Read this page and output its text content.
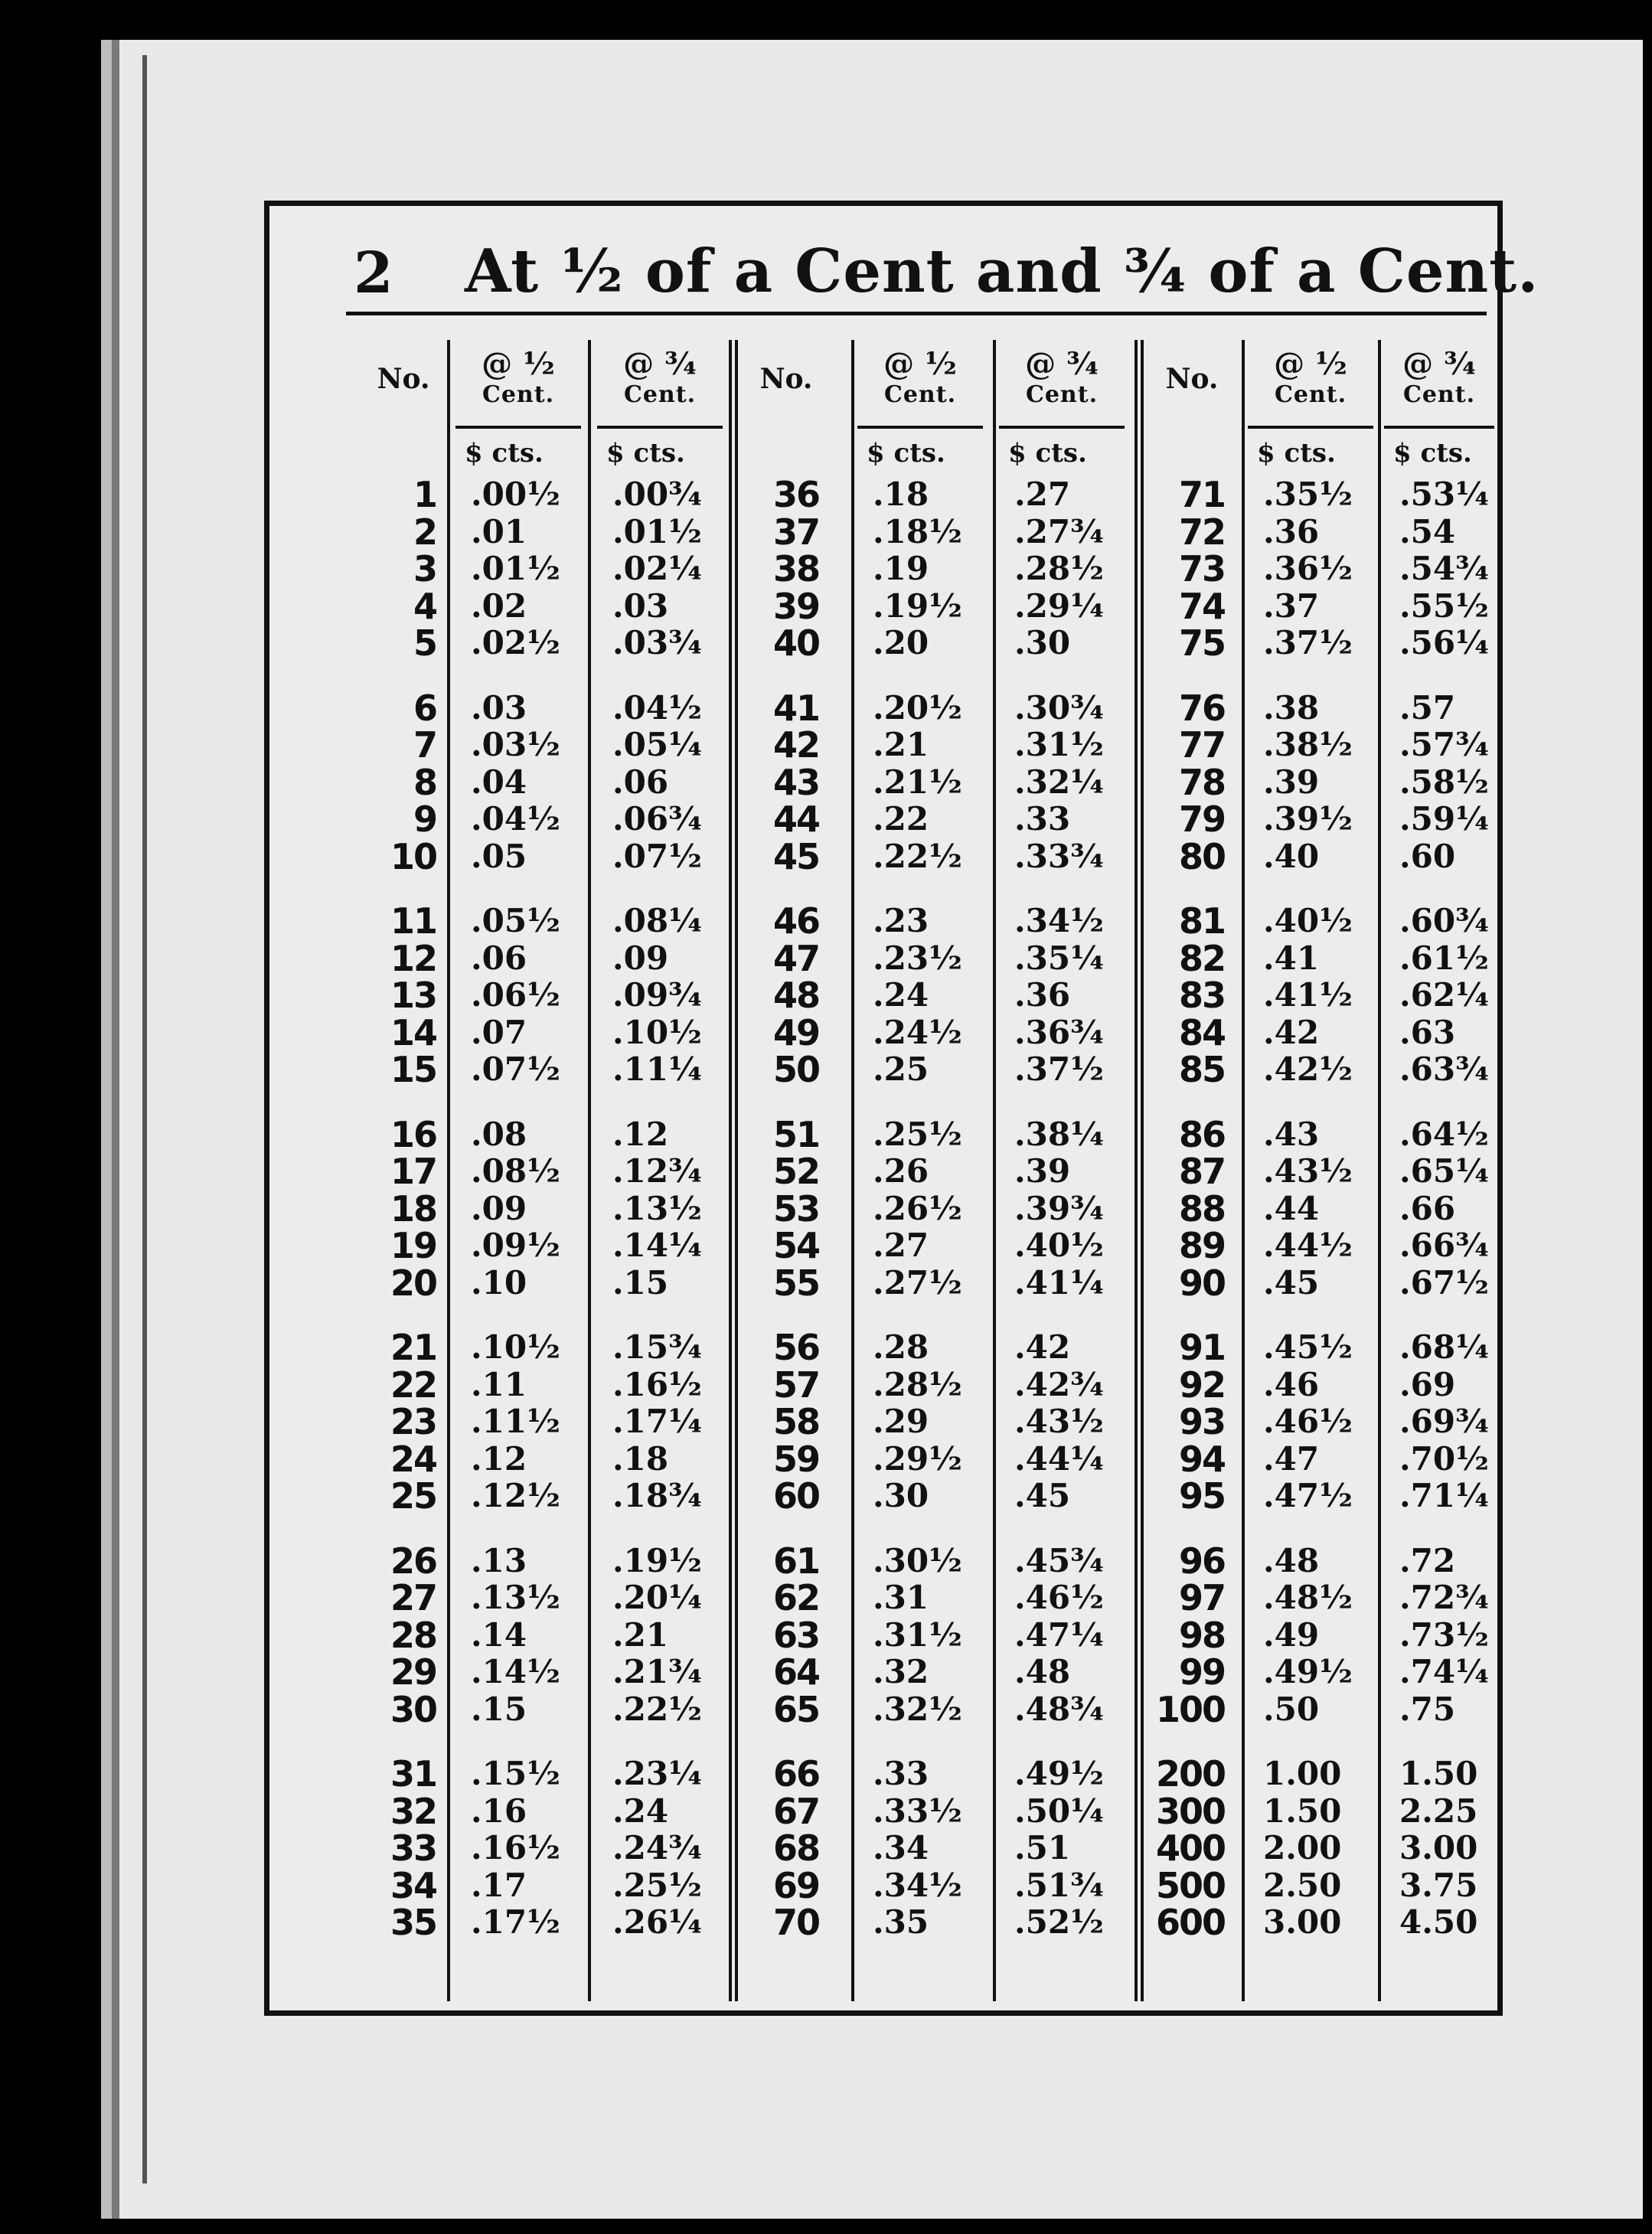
2 At ½ of a Cent and ¾ of a Cent.
No.
1
2
3
4
5
6
7
8
9
10
11
12
13
14
15
16
17
18
19
20
21
22
23
24
25
26
27
28
29
30
31
32
33
34
35
@ ½
Cent.
$ cts.
.00½
.01
.01½
.02
.02½
.03
.03½
.04
.04½
.05
.05½
.06
.06½
.07
.07½
.08
.08½
.09
.09½
.10
.10½
.11
.11½
.12
.12½
.13
.13½
.14
.14½
.15
.15½
.16
.16½
.17
.17½
@ ¾
Cent.
$ cts.
.00¾
.01½
.02¼
.03
.03¾
.04½
.05¼
.06
.06¾
.07½
.08¼
.09
.09¾
.10½
.11¼
.12
.12¾
.13½
.14¼
.15
.15¾
.16½
.17¼
.18
.18¾
.19½
.20¼
.21
.21¾
.22½
.23¼
.24
.24¾
.25½
.26¼
No.
36
37
38
39
40
41
42
43
44
45
46
47
48
49
50
51
52
53
54
55
56
57
58
59
60
61
62
63
64
65
66
67
68
69
70
@ ½
Cent.
$ cts.
.18
.18½
.19
.19½
.20
.20½
.21
.21½
.22
.22½
.23
.23½
.24
.24½
.25
.25½
.26
.26½
.27
.27½
.28
.28½
.29
.29½
.30
.30½
.31
.31½
.32
.32½
.33
.33½
.34
.34½
.35
@ ¾
Cent.
$ cts.
.27
.27¾
.28½
.29¼
.30
.30¾
.31½
.32¼
.33
.33¾
.34½
.35¼
.36
.36¾
.37½
.38¼
.39
.39¾
.40½
.41¼
.42
.42¾
.43½
.44¼
.45
.45¾
.46½
.47¼
.48
.48¾
.49½
.50¼
.51
.51¾
.52½
No.
71
72
73
74
75
76
77
78
79
80
81
82
83
84
85
86
87
88
89
90
91
92
93
94
95
96
97
98
99
100
200
300
400
500
600
@ ½
Cent.
$ cts.
.35½
.36
.36½
.37
.37½
.38
.38½
.39
.39½
.40
.40½
.41
.41½
.42
.42½
.43
.43½
.44
.44½
.45
.45½
.46
.46½
.47
.47½
.48
.48½
.49
.49½
.50
1.00
1.50
2.00
2.50
3.00
@ ¾
Cent.
$ cts.
.53¼
.54
.54¾
.55½
.56¼
.57
.57¾
.58½
.59¼
.60
.60¾
.61½
.62¼
.63
.63¾
.64½
.65¼
.66
.66¾
.67½
.68¼
.69
.69¾
.70½
.71¼
.72
.72¾
.73½
.74¼
.75
1.50
2.25
3.00
3.75
4.50
